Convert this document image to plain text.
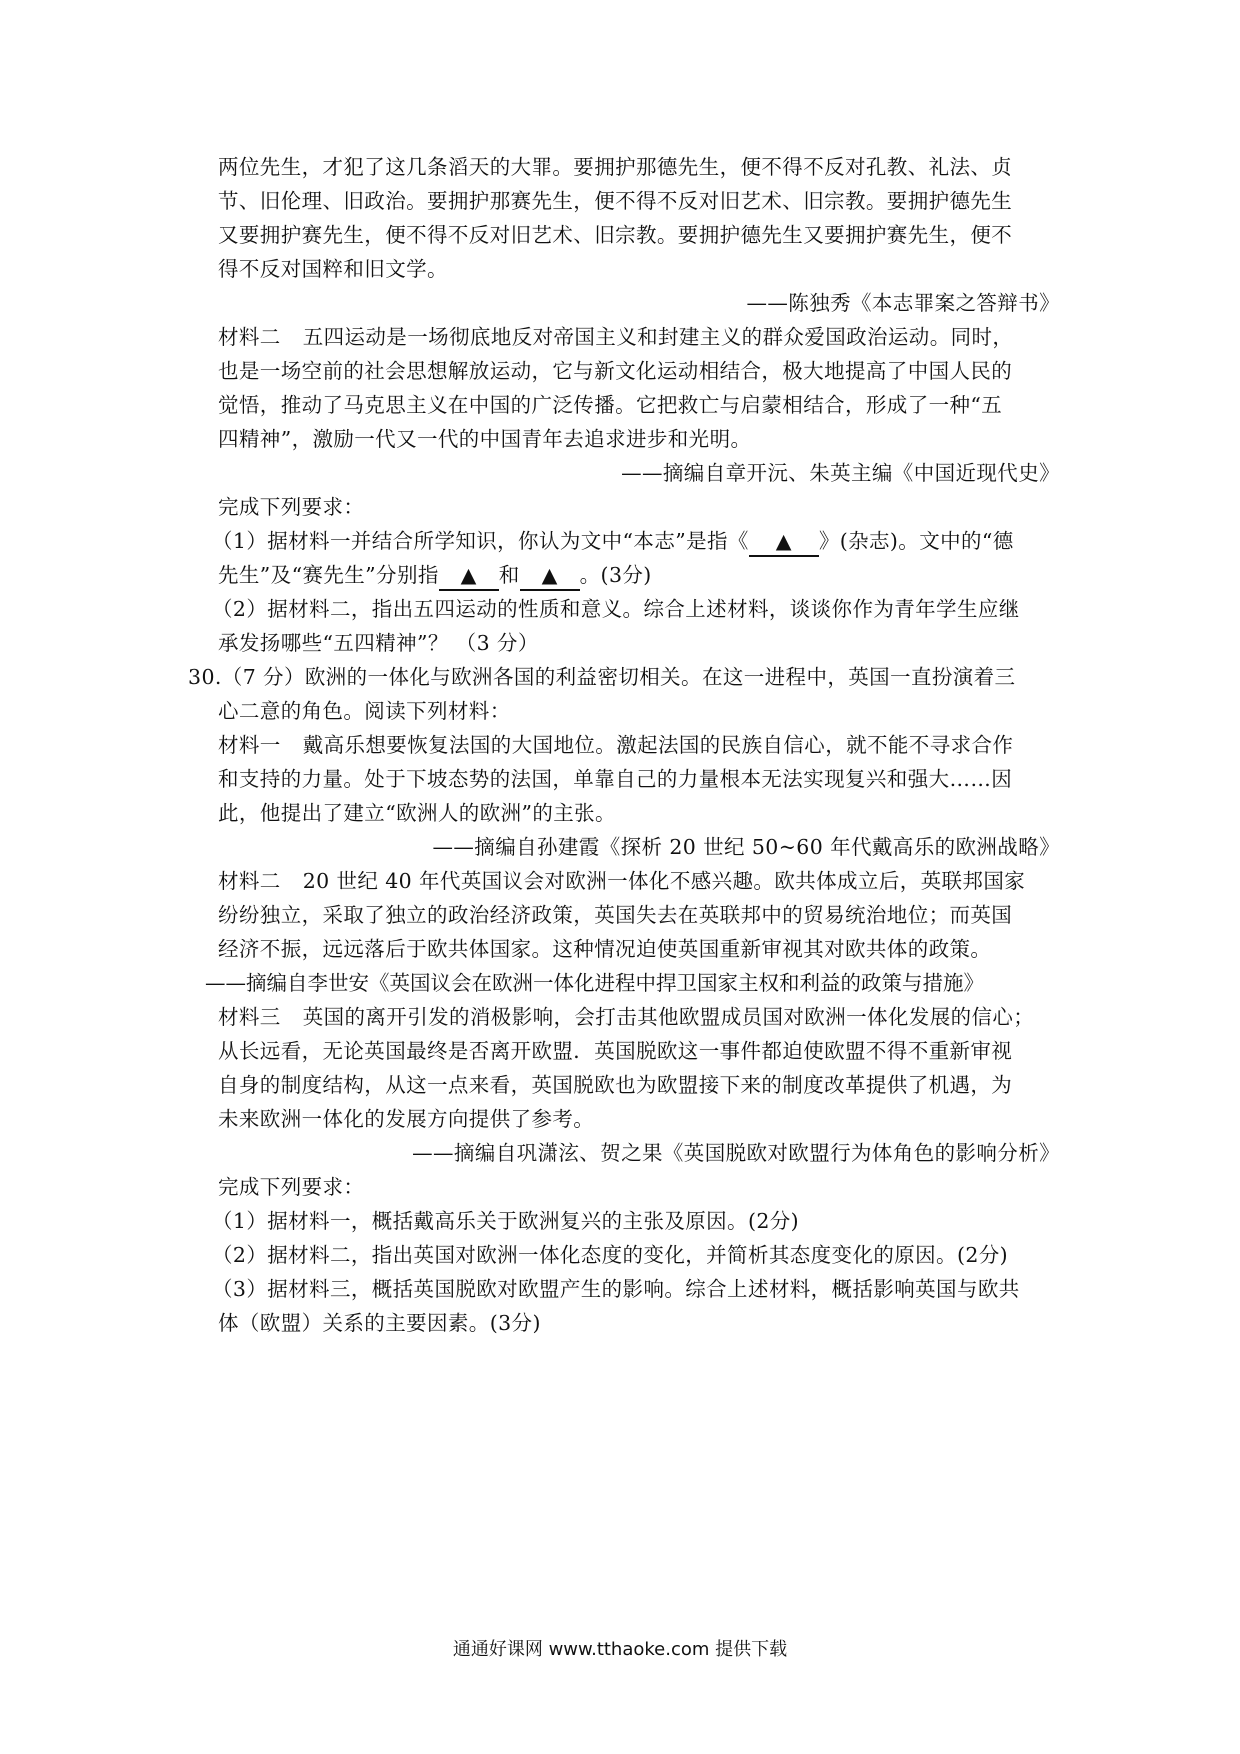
两位先生，才犯了这几条滔天的大罪。要拥护那德先生，便不得不反对孔教、礼法、贞
节、旧伦理、旧政治。要拥护那赛先生，便不得不反对旧艺术、旧宗教。要拥护德先生
又要拥护赛先生，便不得不反对旧艺术、旧宗教。要拥护德先生又要拥护赛先生，便不
得不反对国粹和旧文学。
——陈独秀《本志罪案之答辩书》
材料二 五四运动是一场彻底地反对帝国主义和封建主义的群众爱国政治运动。同时，
也是一场空前的社会思想解放运动，它与新文化运动相结合，极大地提高了中国人民的
觉悟，推动了马克思主义在中国的广泛传播。它把救亡与启蒙相结合，形成了一种“五
四精神”，激励一代又一代的中国青年去追求进步和光明。
——摘编自章开沅、朱英主编《中国近现代史》
完成下列要求：
（1）据材料一并结合所学知识，你认为文中“本志”是指《 ▲ 》(杂志)。文中的“德
先生”及“赛先生”分别指 ▲ 和 ▲ 。(3分)
（2）据材料二，指出五四运动的性质和意义。综合上述材料，谈谈你作为青年学生应继
承发扬哪些“五四精神”？ （3 分）
30.（7 分）欧洲的一体化与欧洲各国的利益密切相关。在这一进程中，英国一直扮演着三
心二意的角色。阅读下列材料：
材料一 戴高乐想要恢复法国的大国地位。激起法国的民族自信心，就不能不寻求合作
和支持的力量。处于下坡态势的法国，单靠自己的力量根本无法实现复兴和强大……因
此，他提出了建立“欧洲人的欧洲”的主张。
——摘编自孙建霞《探析 20 世纪 50~60 年代戴高乐的欧洲战略》
材料二 20 世纪 40 年代英国议会对欧洲一体化不感兴趣。欧共体成立后，英联邦国家
纷纷独立，采取了独立的政治经济政策，英国失去在英联邦中的贸易统治地位；而英国
经济不振，远远落后于欧共体国家。这种情况迫使英国重新审视其对欧共体的政策。
——摘编自李世安《英国议会在欧洲一体化进程中捍卫国家主权和利益的政策与措施》
材料三 英国的离开引发的消极影响，会打击其他欧盟成员国对欧洲一体化发展的信心；
从长远看，无论英国最终是否离开欧盟．英国脱欧这一事件都迫使欧盟不得不重新审视
自身的制度结构，从这一点来看，英国脱欧也为欧盟接下来的制度改革提供了机遇，为
未来欧洲一体化的发展方向提供了参考。
——摘编自巩潇泫、贺之果《英国脱欧对欧盟行为体角色的影响分析》
完成下列要求：
（1）据材料一，概括戴高乐关于欧洲复兴的主张及原因。(2分)
（2）据材料二，指出英国对欧洲一体化态度的变化，并简析其态度变化的原因。(2分)
（3）据材料三，概括英国脱欧对欧盟产生的影响。综合上述材料，概括影响英国与欧共
体（欧盟）关系的主要因素。(3分)
通通好课网 www.tthaoke.com 提供下载
